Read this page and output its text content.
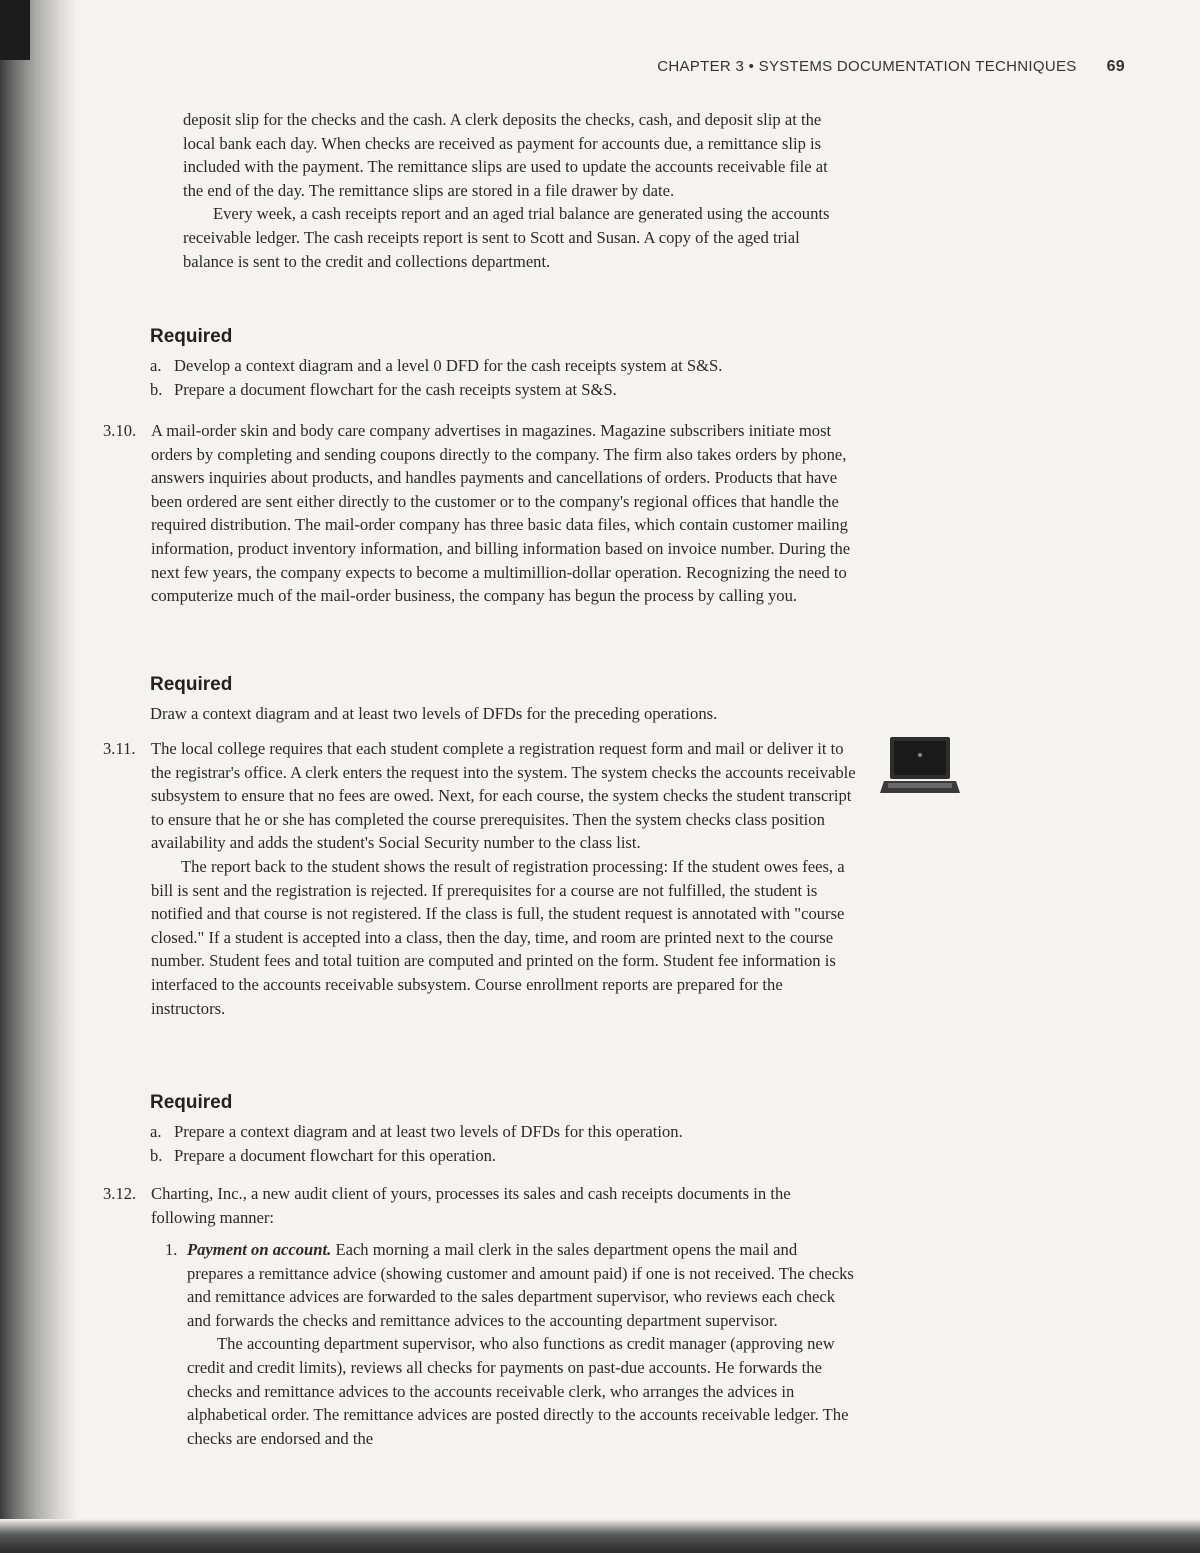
CHAPTER 3 • SYSTEMS DOCUMENTATION TECHNIQUES 69

deposit slip for the checks and the cash. A clerk deposits the checks, cash, and deposit slip at the local bank each day. When checks are received as payment for accounts due, a remittance slip is included with the payment. The remittance slips are used to update the accounts receivable file at the end of the day. The remittance slips are stored in a file drawer by date.

Every week, a cash receipts report and an aged trial balance are generated using the accounts receivable ledger. The cash receipts report is sent to Scott and Susan. A copy of the aged trial balance is sent to the credit and collections department.

Required
a. Develop a context diagram and a level 0 DFD for the cash receipts system at S&S.
b. Prepare a document flowchart for the cash receipts system at S&S.
3.10. A mail-order skin and body care company advertises in magazines. Magazine subscribers initiate most orders by completing and sending coupons directly to the company. The firm also takes orders by phone, answers inquiries about products, and handles payments and cancellations of orders. Products that have been ordered are sent either directly to the customer or to the company's regional offices that handle the required distribution. The mail-order company has three basic data files, which contain customer mailing information, product inventory information, and billing information based on invoice number. During the next few years, the company expects to become a multimillion-dollar operation. Recognizing the need to computerize much of the mail-order business, the company has begun the process by calling you.

Required

Draw a context diagram and at least two levels of DFDs for the preceding operations.

3.11. The local college requires that each student complete a registration request form and mail or deliver it to the registrar's office. A clerk enters the request into the system. The system checks the accounts receivable subsystem to ensure that no fees are owed. Next, for each course, the system checks the student transcript to ensure that he or she has completed the course prerequisites. Then the system checks class position availability and adds the student's Social Security number to the class list.

The report back to the student shows the result of registration processing: If the student owes fees, a bill is sent and the registration is rejected. If prerequisites for a course are not fulfilled, the student is notified and that course is not registered. If the class is full, the student request is annotated with "course closed." If a student is accepted into a class, then the day, time, and room are printed next to the course number. Student fees and total tuition are computed and printed on the form. Student fee information is interfaced to the accounts receivable subsystem. Course enrollment reports are prepared for the instructors.

Required
a. Prepare a context diagram and at least two levels of DFDs for this operation.
b. Prepare a document flowchart for this operation.
3.12. Charting, Inc., a new audit client of yours, processes its sales and cash receipts documents in the following manner:

1. Payment on account. Each morning a mail clerk in the sales department opens the mail and prepares a remittance advice (showing customer and amount paid) if one is not received. The checks and remittance advices are forwarded to the sales department supervisor, who reviews each check and forwards the checks and remittance advices to the accounting department supervisor.

The accounting department supervisor, who also functions as credit manager (approving new credit and credit limits), reviews all checks for payments on past-due accounts. He forwards the checks and remittance advices to the accounts receivable clerk, who arranges the advices in alphabetical order. The remittance advices are posted directly to the accounts receivable ledger. The checks are endorsed and the
